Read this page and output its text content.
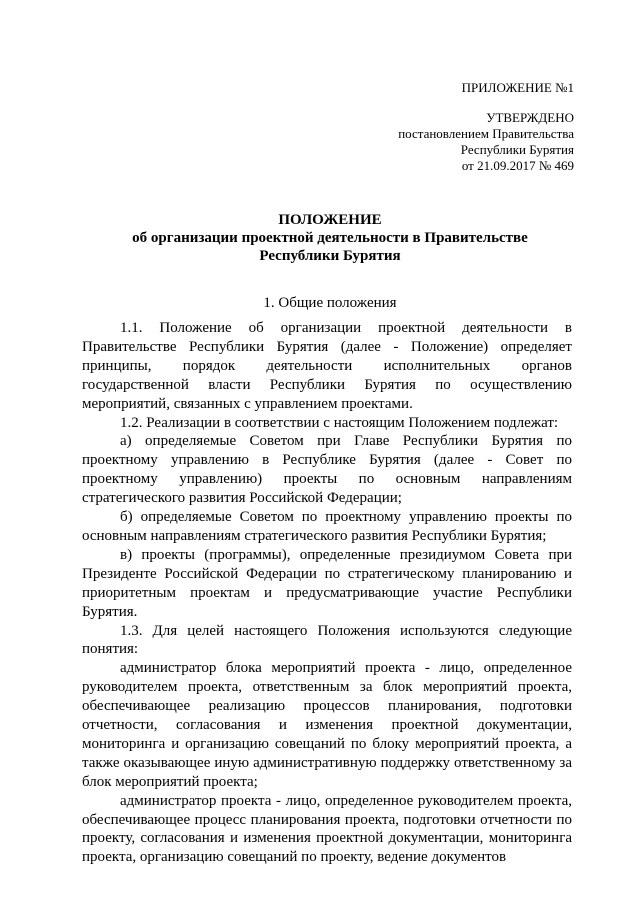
ПРИЛОЖЕНИЕ №1
УТВЕРЖДЕНО
постановлением Правительства
Республики Бурятия
от 21.09.2017 № 469
ПОЛОЖЕНИЕ
об организации проектной деятельности в Правительстве
Республики Бурятия
1. Общие положения

1.1. Положение об организации проектной деятельности в Правительстве Республики Бурятия (далее - Положение) определяет принципы, порядок деятельности исполнительных органов государственной власти Республики Бурятия по осуществлению мероприятий, связанных с управлением проектами.

1.2. Реализации в соответствии с настоящим Положением подлежат:

а) определяемые Советом при Главе Республики Бурятия по проектному управлению в Республике Бурятия (далее - Совет по проектному управлению) проекты по основным направлениям стратегического развития Российской Федерации;

б) определяемые Советом по проектному управлению проекты по основным направлениям стратегического развития Республики Бурятия;

в) проекты (программы), определенные президиумом Совета при Президенте Российской Федерации по стратегическому планированию и приоритетным проектам и предусматривающие участие Республики Бурятия.

1.3. Для целей настоящего Положения используются следующие понятия:

администратор блока мероприятий проекта - лицо, определенное руководителем проекта, ответственным за блок мероприятий проекта, обеспечивающее реализацию процессов планирования, подготовки отчетности, согласования и изменения проектной документации, мониторинга и организацию совещаний по блоку мероприятий проекта, а также оказывающее иную административную поддержку ответственному за блок мероприятий проекта;

администратор проекта - лицо, определенное руководителем проекта, обеспечивающее процесс планирования проекта, подготовки отчетности по проекту, согласования и изменения проектной документации, мониторинга проекта, организацию совещаний по проекту, ведение документов
